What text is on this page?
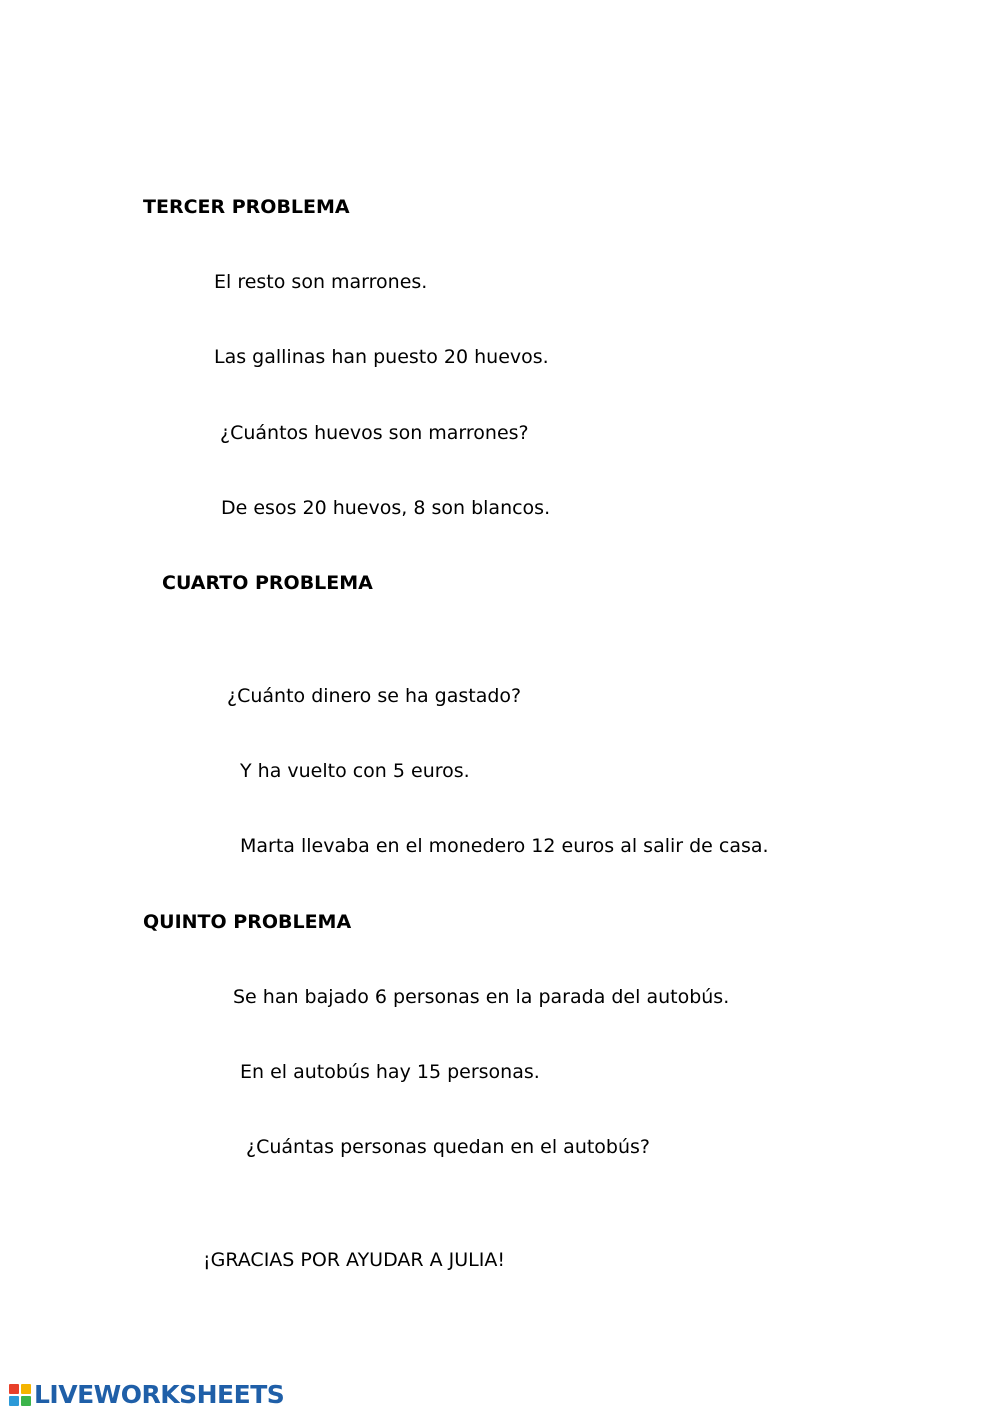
TERCER PROBLEMA

El resto son marrones.

Las gallinas han puesto 20 huevos.

¿Cuántos huevos son marrones?

De esos 20 huevos, 8 son blancos.

CUARTO PROBLEMA

¿Cuánto dinero se ha gastado?

Y ha vuelto con 5 euros.

Marta llevaba en el monedero 12 euros al salir de casa.

QUINTO PROBLEMA

Se han bajado 6 personas en la parada del autobús.

En el autobús hay 15 personas.

¿Cuántas personas quedan en el autobús?

¡GRACIAS POR AYUDAR A JULIA!

LIVEWORKSHEETS
